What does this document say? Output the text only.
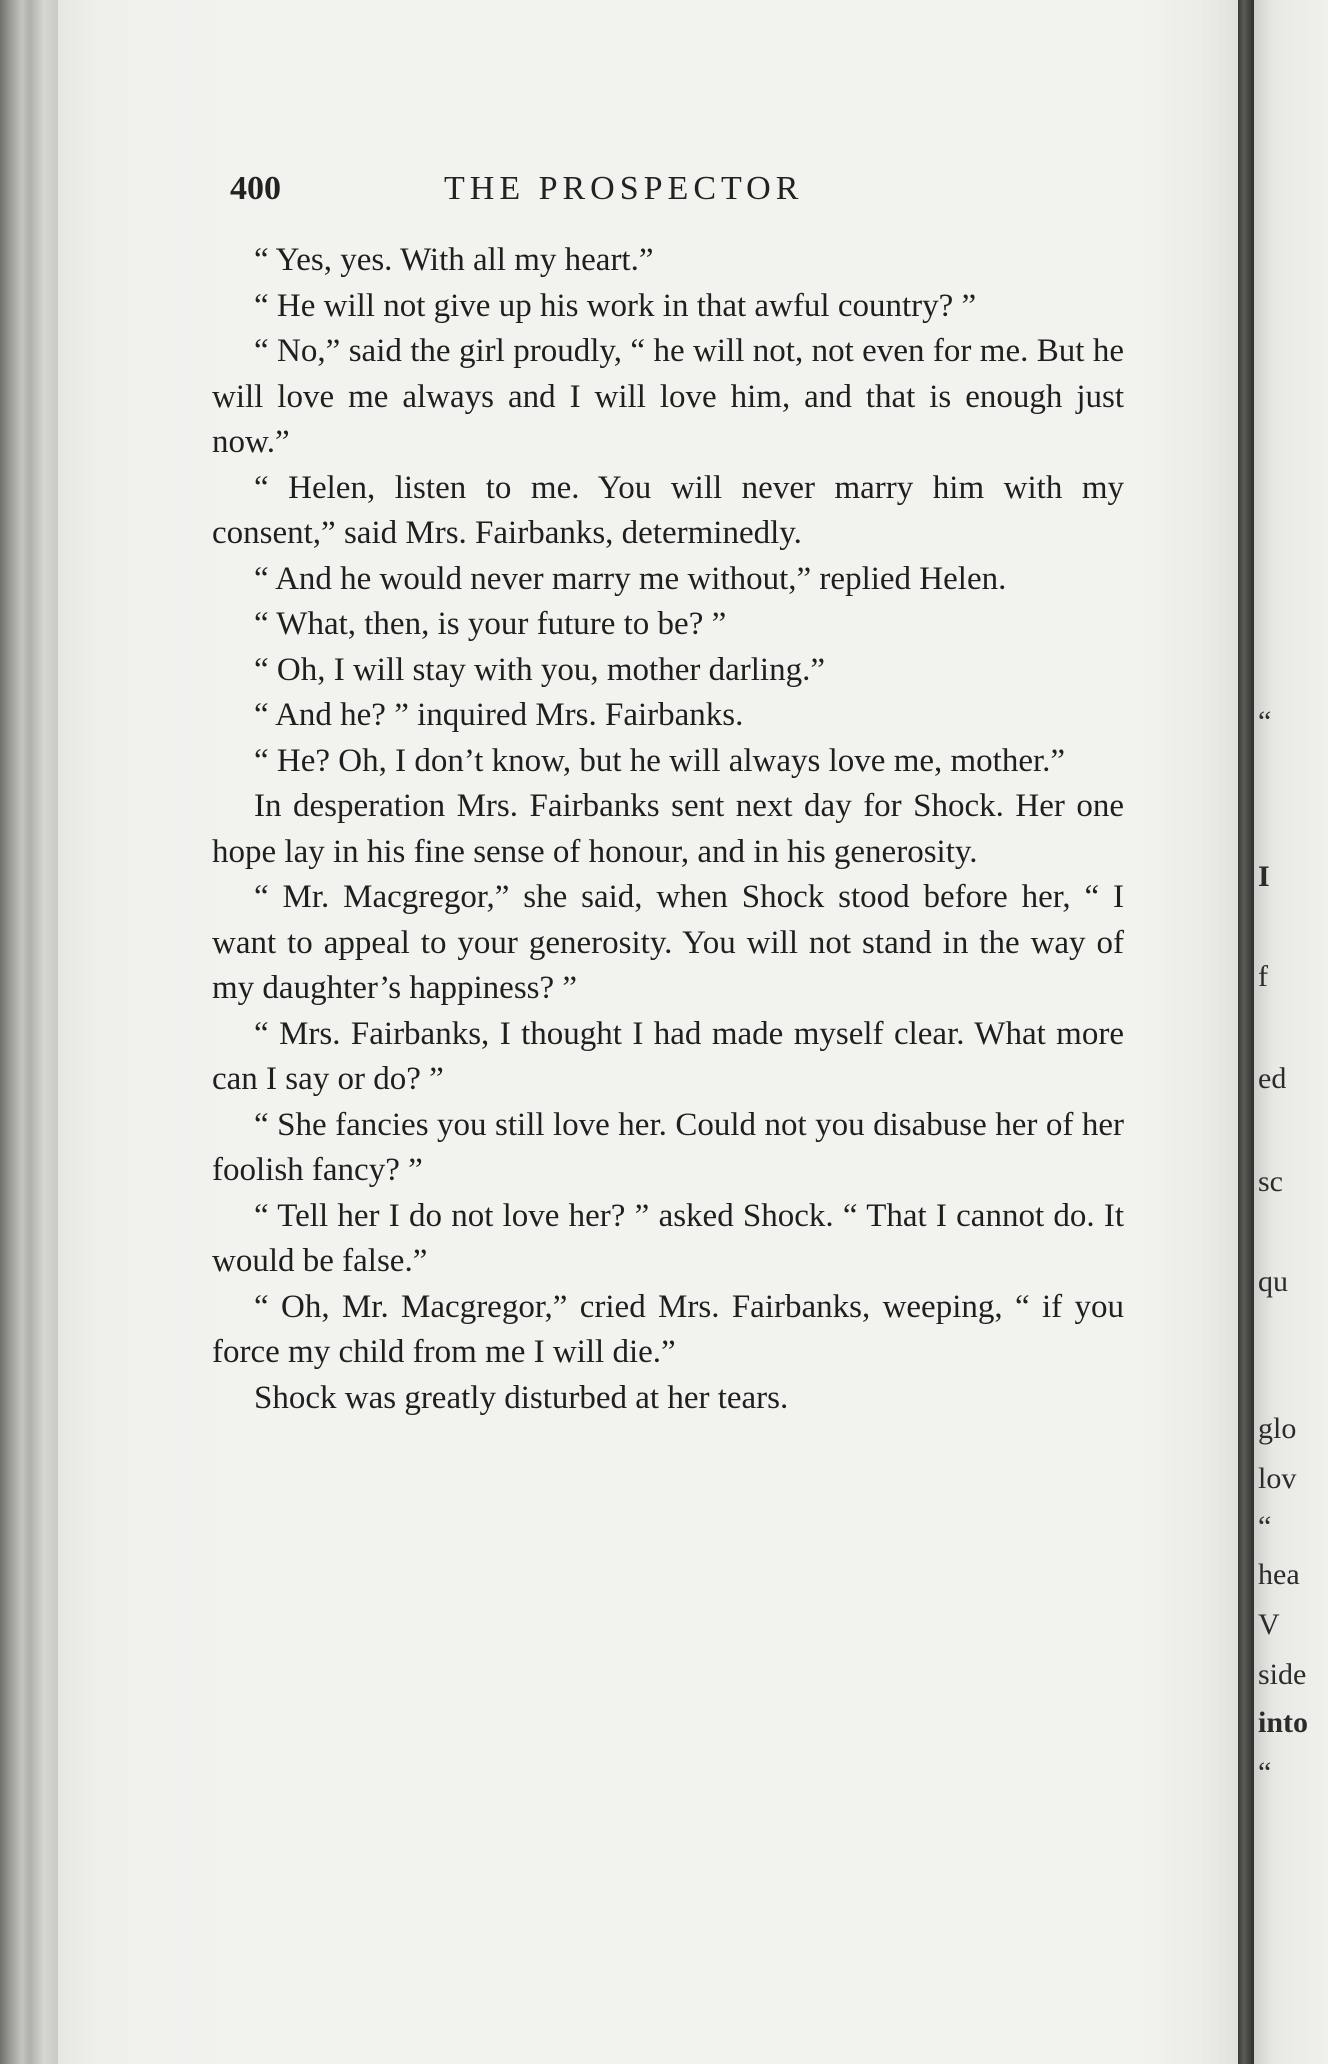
400	THE PROSPECTOR

“ Yes, yes. With all my heart.”

“ He will not give up his work in that awful country? ”

“ No,” said the girl proudly, “ he will not, not even for me. But he will love me always and I will love him, and that is enough just now.”

“ Helen, listen to me. You will never marry him with my consent,” said Mrs. Fairbanks, determinedly.

“ And he would never marry me without,” replied Helen.

“ What, then, is your future to be? ”

“ Oh, I will stay with you, mother darling.”

“ And he? ” inquired Mrs. Fairbanks.

“ He? Oh, I don’t know, but he will always love me, mother.”

In desperation Mrs. Fairbanks sent next day for Shock. Her one hope lay in his fine sense of honour, and in his generosity.

“ Mr. Macgregor,” she said, when Shock stood before her, “ I want to appeal to your generosity. You will not stand in the way of my daughter’s happiness? ”

“ Mrs. Fairbanks, I thought I had made myself clear. What more can I say or do? ”

“ She fancies you still love her. Could not you disabuse her of her foolish fancy? ”

“ Tell her I do not love her? ” asked Shock. “ That I cannot do. It would be false.”

“ Oh, Mr. Macgregor,” cried Mrs. Fairbanks, weeping, “ if you force my child from me I will die.”

Shock was greatly disturbed at her tears.

“
I
f
ed
sc
qu
glo
lov
“
hea
V
side
into
“
